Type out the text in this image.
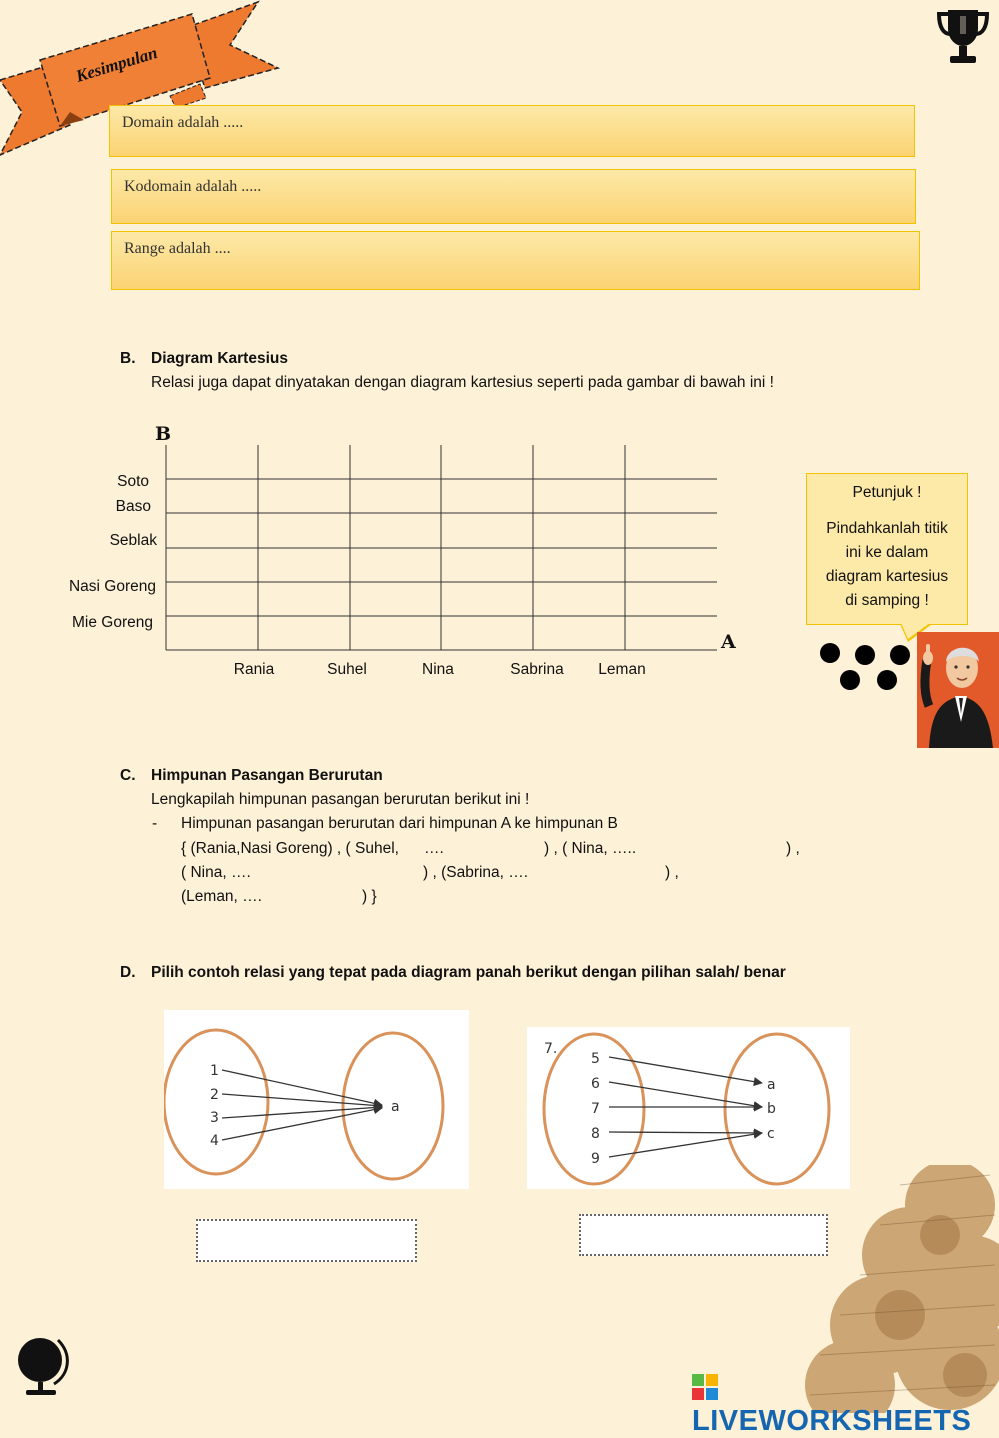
Kesimpulan
Domain adalah .....
Kodomain adalah .....
Range adalah ....
B. Diagram Kartesius
Relasi juga dapat dinyatakan dengan diagram kartesius seperti pada gambar di bawah ini !
B
A
Soto
Baso
Seblak
Nasi Goreng
Mie Goreng
Rania	Suhel	Nina	Sabrina	Leman
Petunjuk !
Pindahkanlah titik
ini ke dalam
diagram kartesius
di samping !
C. Himpunan Pasangan Berurutan
Lengkapilah himpunan pasangan berurutan berikut ini !
- Himpunan pasangan berurutan dari himpunan A ke himpunan B
{ (Rania,Nasi Goreng) , ( Suhel, ….	) , ( Nina, …..	) ,
( Nina, ….	) , (Sabrina, ….	) ,
(Leman, ….	) }
D. Pilih contoh relasi yang tepat pada diagram panah berikut dengan pilihan salah/ benar
1
2
3
4
a
7.
5
6
7
8
9
a
b
c
LIVEWORKSHEETS
